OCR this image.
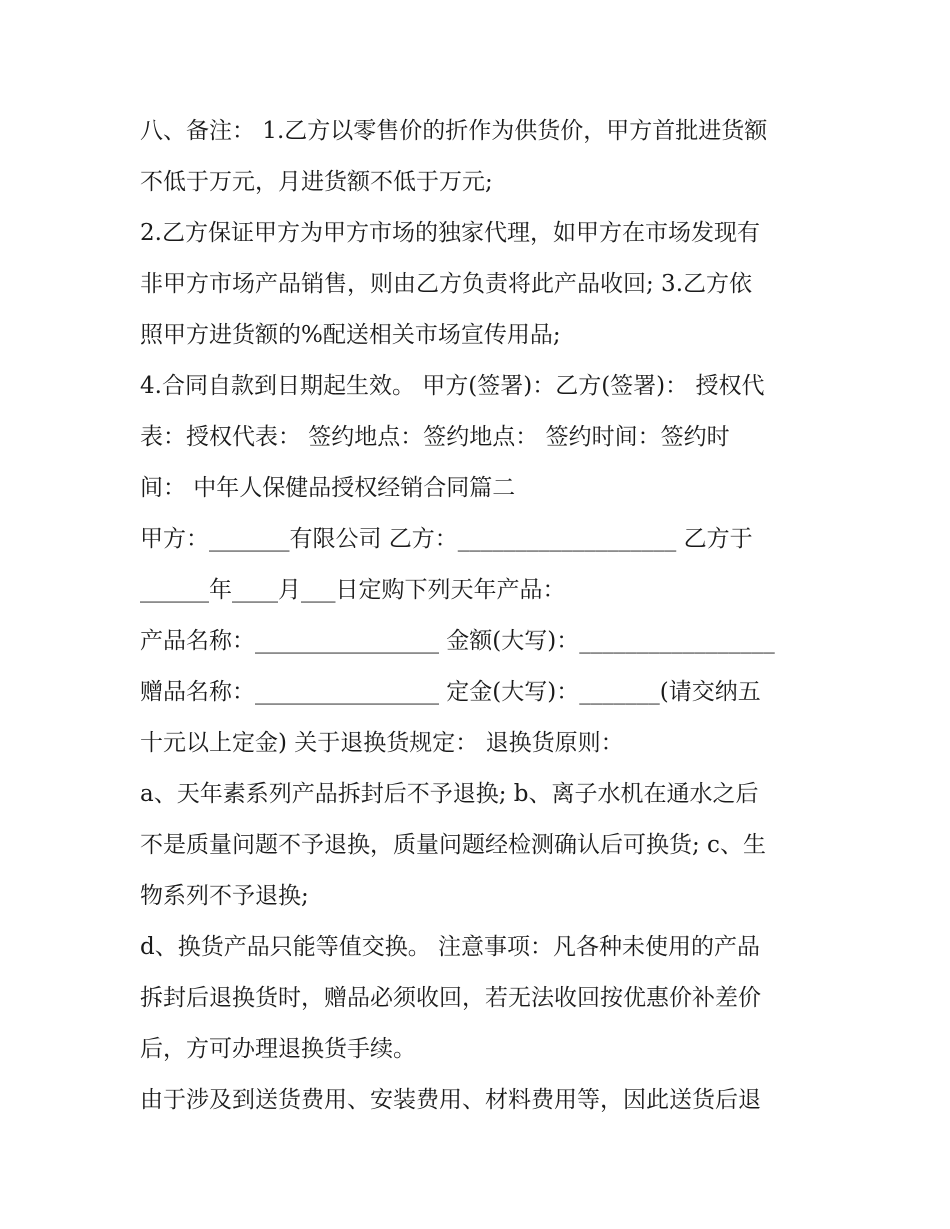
八、备注： 1.乙方以零售价的折作为供货价，甲方首批进货额
不低于万元，月进货额不低于万元;
2.乙方保证甲方为甲方市场的独家代理，如甲方在市场发现有
非甲方市场产品销售，则由乙方负责将此产品收回; 3.乙方依
照甲方进货额的%配送相关市场宣传用品;
4.合同自款到日期起生效。 甲方(签署)：乙方(签署)： 授权代
表：授权代表： 签约地点：签约地点： 签约时间：签约时
间： 中年人保健品授权经销合同篇二
甲方：_______有限公司 乙方：___________________ 乙方于
______年____月___日定购下列天年产品：
产品名称：________________ 金额(大写)：_________________
赠品名称：________________ 定金(大写)：_______(请交纳五
十元以上定金) 关于退换货规定： 退换货原则：
a、天年素系列产品拆封后不予退换; b、离子水机在通水之后
不是质量问题不予退换，质量问题经检测确认后可换货; c、生
物系列不予退换;
d、换货产品只能等值交换。 注意事项：凡各种未使用的产品
拆封后退换货时，赠品必须收回，若无法收回按优惠价补差价
后，方可办理退换货手续。
由于涉及到送货费用、安装费用、材料费用等，因此送货后退
